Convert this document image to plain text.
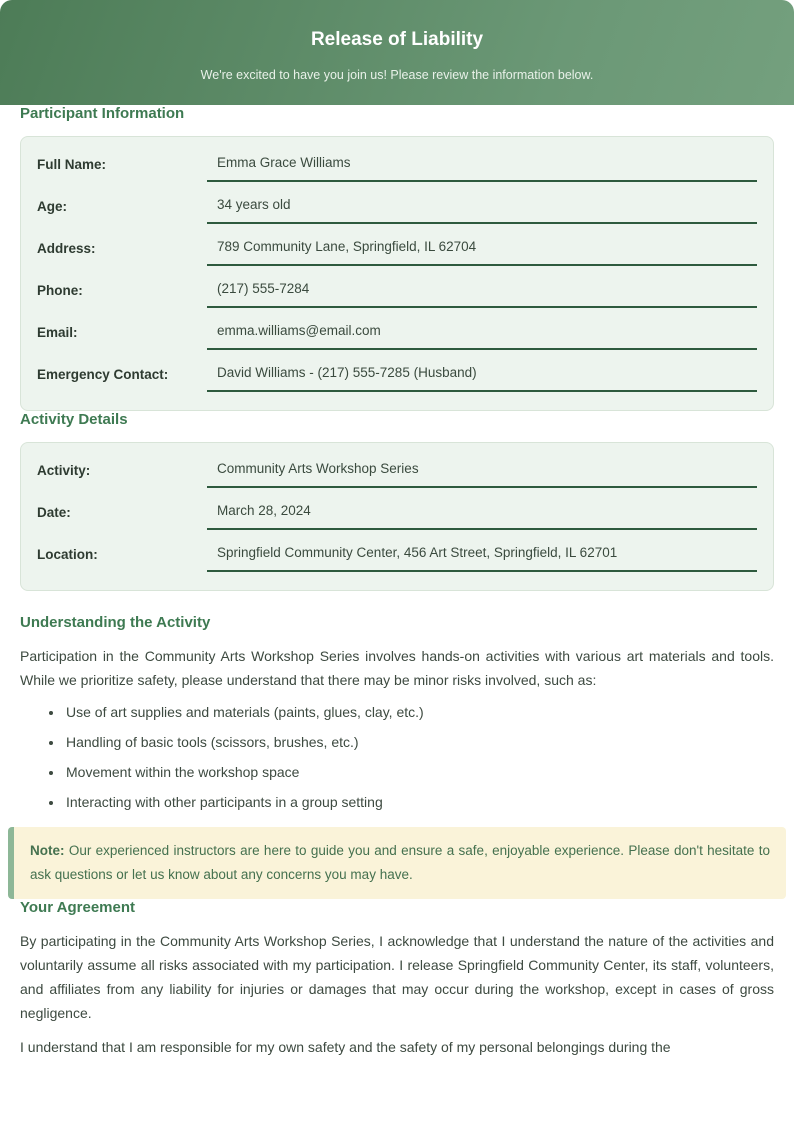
Release of Liability

We're excited to have you join us! Please review the information below.

Participant Information
Full Name:	Emma Grace Williams
Age:	34 years old
Address:	789 Community Lane, Springfield, IL 62704
Phone:	(217) 555-7284
Email:	emma.williams@email.com
Emergency Contact:	David Williams - (217) 555-7285 (Husband)
Activity Details
Activity:	Community Arts Workshop Series
Date:	March 28, 2024
Location:	Springfield Community Center, 456 Art Street, Springfield, IL 62701
Understanding the Activity

Participation in the Community Arts Workshop Series involves hands-on activities with various art materials and tools. While we prioritize safety, please understand that there may be minor risks involved, such as:

• Use of art supplies and materials (paints, glues, clay, etc.)
• Handling of basic tools (scissors, brushes, etc.)
• Movement within the workshop space
• Interacting with other participants in a group setting
Note: Our experienced instructors are here to guide you and ensure a safe, enjoyable experience. Please don't hesitate to ask questions or let us know about any concerns you may have.
Your Agreement

By participating in the Community Arts Workshop Series, I acknowledge that I understand the nature of the activities and voluntarily assume all risks associated with my participation. I release Springfield Community Center, its staff, volunteers, and affiliates from any liability for injuries or damages that may occur during the workshop, except in cases of gross negligence.

I understand that I am responsible for my own safety and the safety of my personal belongings during the
